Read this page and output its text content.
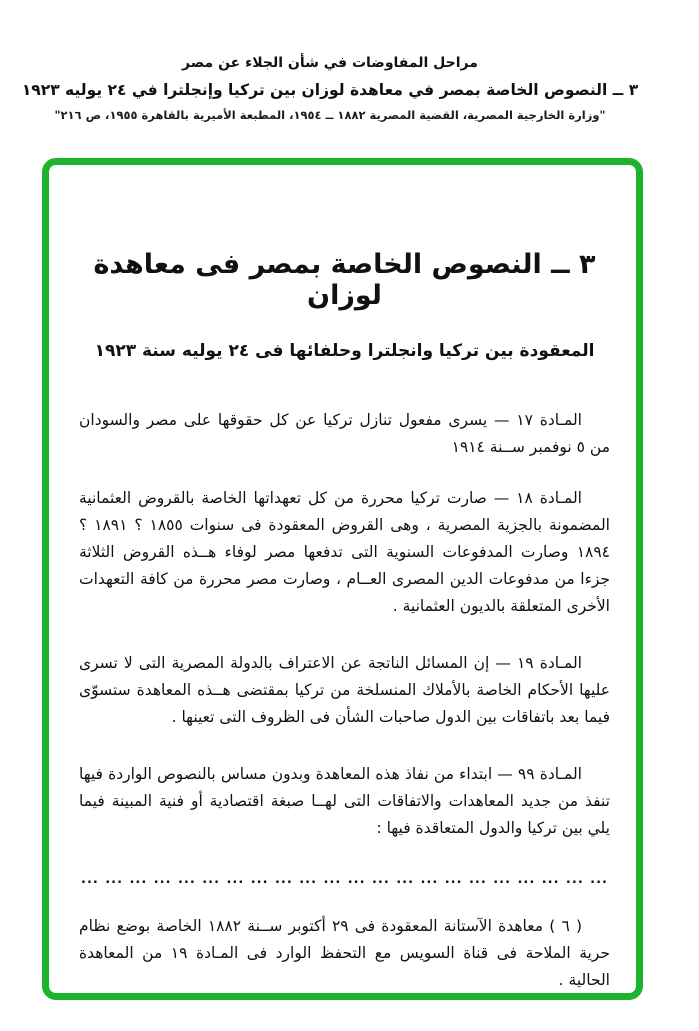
مراحل المفاوضات في شأن الجلاء عن مصر
٣ ــ النصوص الخاصة بمصر في معاهدة لوزان بين تركيا وإنجلترا في ٢٤ يوليه ١٩٢٣
"وزارة الخارجية المصرية، القضية المصرية ١٨٨٢ ــ ١٩٥٤، المطبعة الأميرية بالقاهرة ١٩٥٥، ص ٢١٦"
٣ ــ النصوص الخاصة بمصر فى معاهدة لوزان
المعقودة بين تركيا وانجلترا وحلفائها فى ٢٤ يوليه سنة ١٩٢٣

المـادة ١٧ — يسرى مفعول تنازل تركيا عن كل حقوقها على مصر والسودان من ٥ نوفمبر ســنة ١٩١٤

المـادة ١٨ — صارت تركيا محررة من كل تعهداتها الخاصة بالقروض العثمانية المضمونة بالجزية المصرية ، وهى القروض المعقودة فى سنوات ١٨٥٥ ؟ ١٨٩١ ؟ ١٨٩٤ وصارت المدفوعات السنوية التى تدفعها مصر لوفاء هــذه القروض الثلاثة جزءا من مدفوعات الدين المصرى العــام ، وصارت مصر محررة من كافة التعهدات الأخرى المتعلقة بالديون العثمانية .

المـادة ١٩ — إن المسائل الناتجة عن الاعتراف بالدولة المصرية التى لا تسرى عليها الأحكام الخاصة بالأملاك المنسلخة من تركيا بمقتضى هــذه المعاهدة ستسوّى فيما بعد باتفاقات بين الدول صاحبات الشأن فى الظروف التى تعينها .

المـادة ٩٩ — ابتداء من نفاذ هذه المعاهدة وبدون مساس بالنصوص الواردة فيها تنفذ من جديد المعاهدات والاتفاقات التى لهــا صبغة اقتصادية أو فنية المبينة فيما يلي بين تركيا والدول المتعاقدة فيها :

... ... ... ... ... ... ... ... ... ... ... ... ... ... ... ... ... ... ... ... ... ...

( ٦ ) معاهدة الآستانة المعقودة فى ٢٩ أكتوبر ســنة ١٨٨٢ الخاصة بوضع نظام حرية الملاحة فى قناة السويس مع التحفظ الوارد فى المـادة ١٩ من المعاهدة الحالية .
